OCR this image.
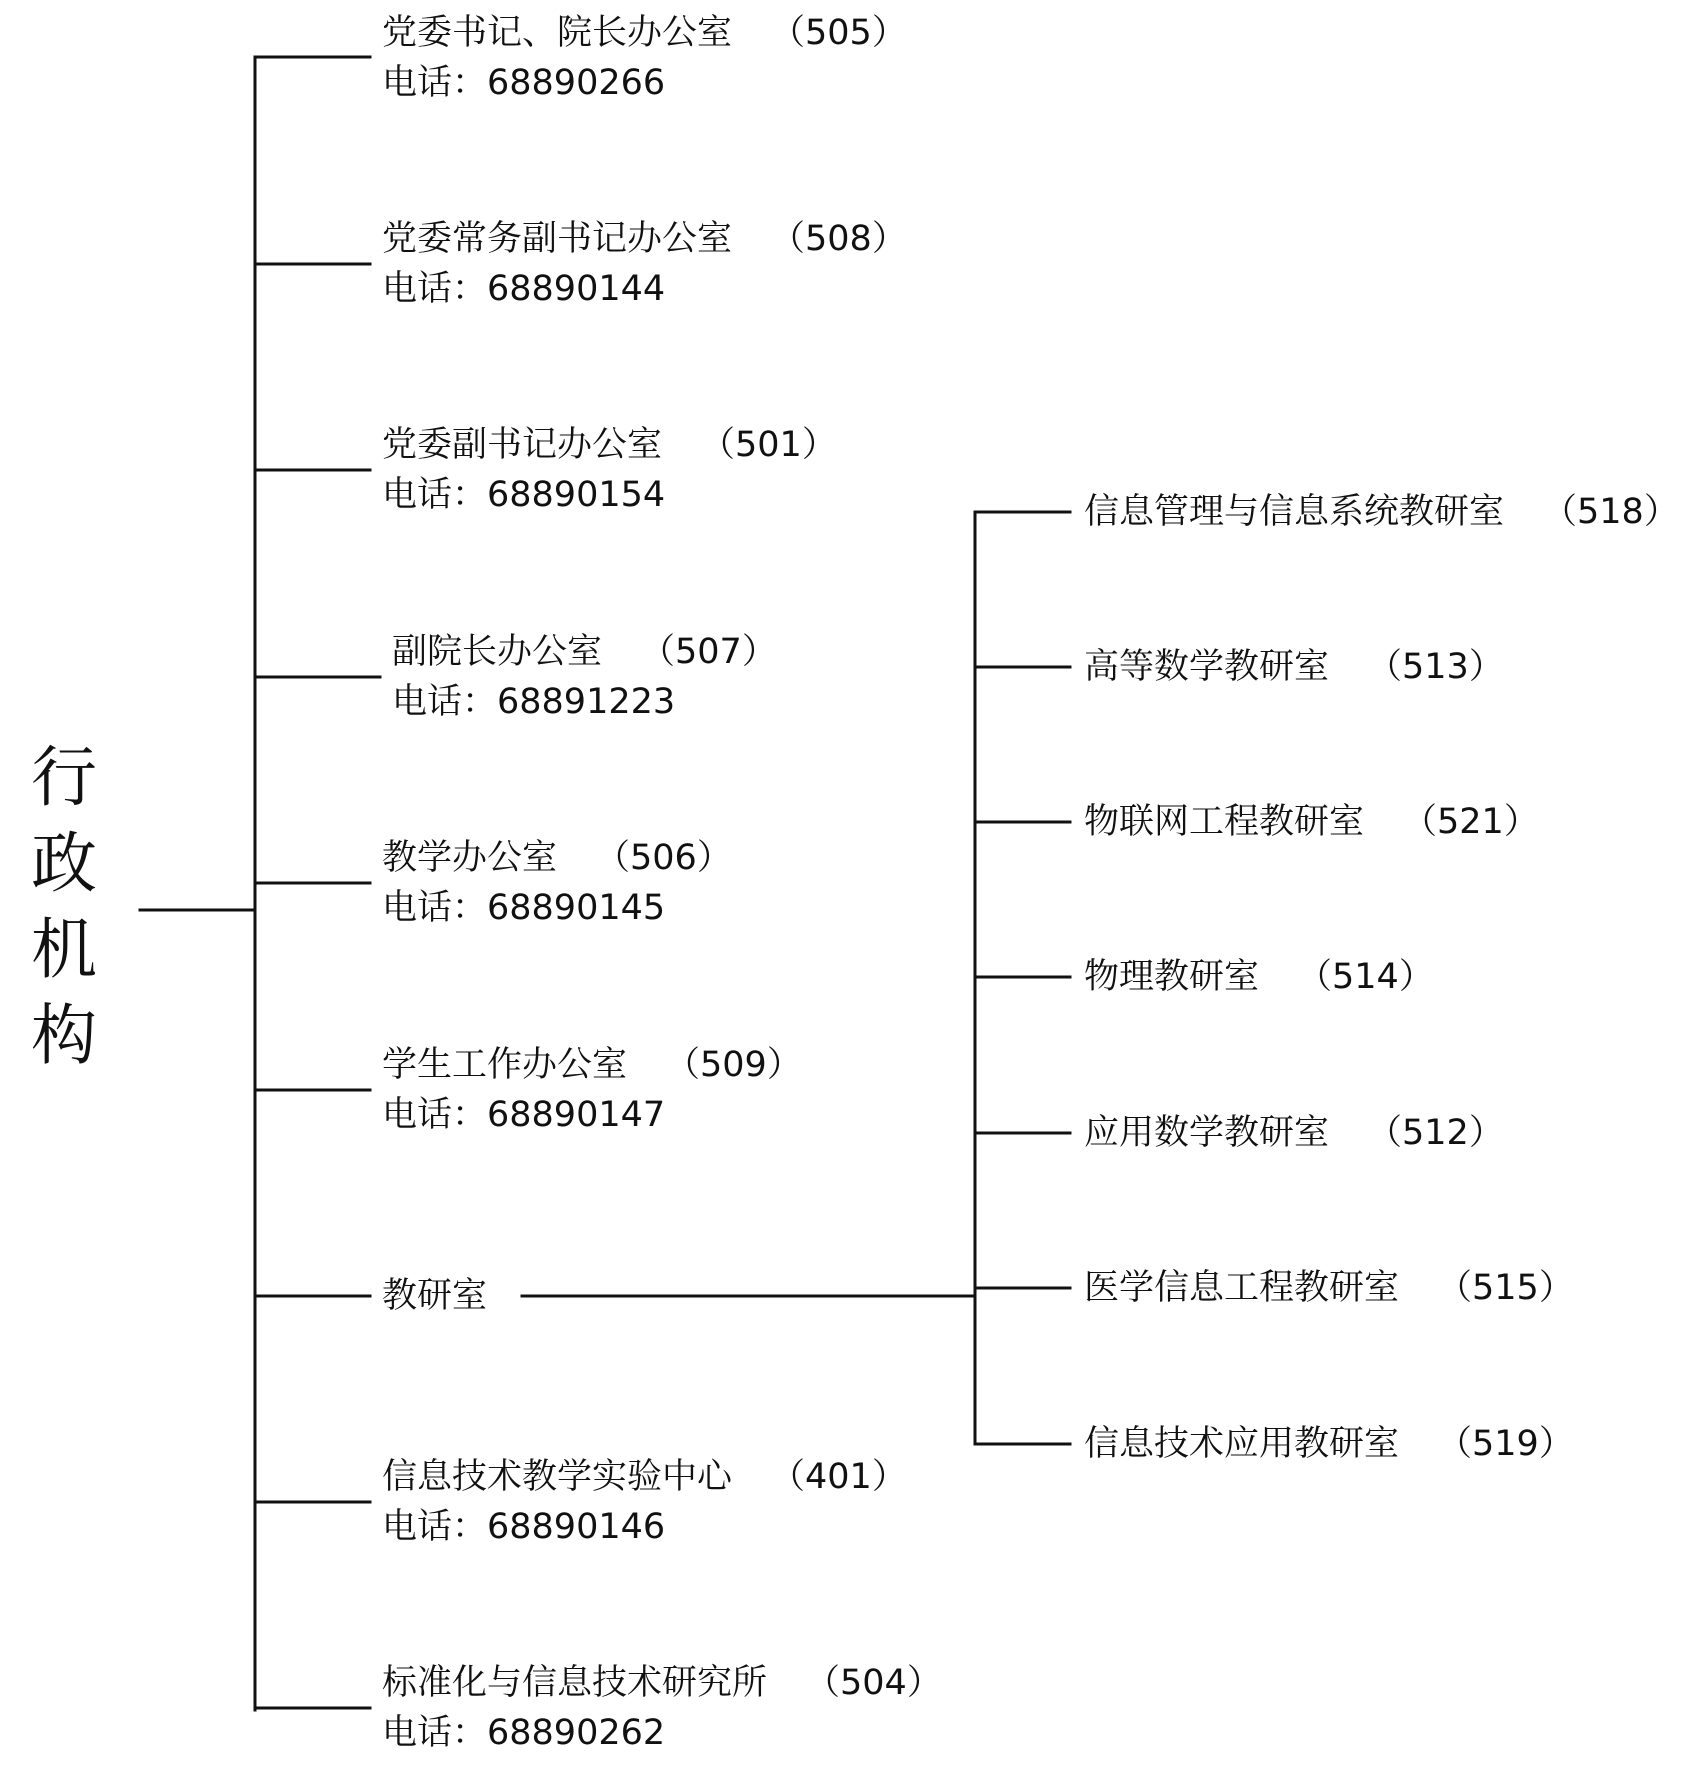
行
政
机
构
党委书记、院长办公室 （505）
电话：68890266
党委常务副书记办公室 （508）
电话：68890144
党委副书记办公室 （501）
电话：68890154
副院长办公室 （507）
电话：68891223
教学办公室 （506）
电话：68890145
学生工作办公室 （509）
电话：68890147
教研室
信息技术教学实验中心 （401）
电话：68890146
标准化与信息技术研究所 （504）
电话：68890262
信息管理与信息系统教研室 （518）
高等数学教研室 （513）
物联网工程教研室 （521）
物理教研室 （514）
应用数学教研室 （512）
医学信息工程教研室 （515）
信息技术应用教研室 （519）
